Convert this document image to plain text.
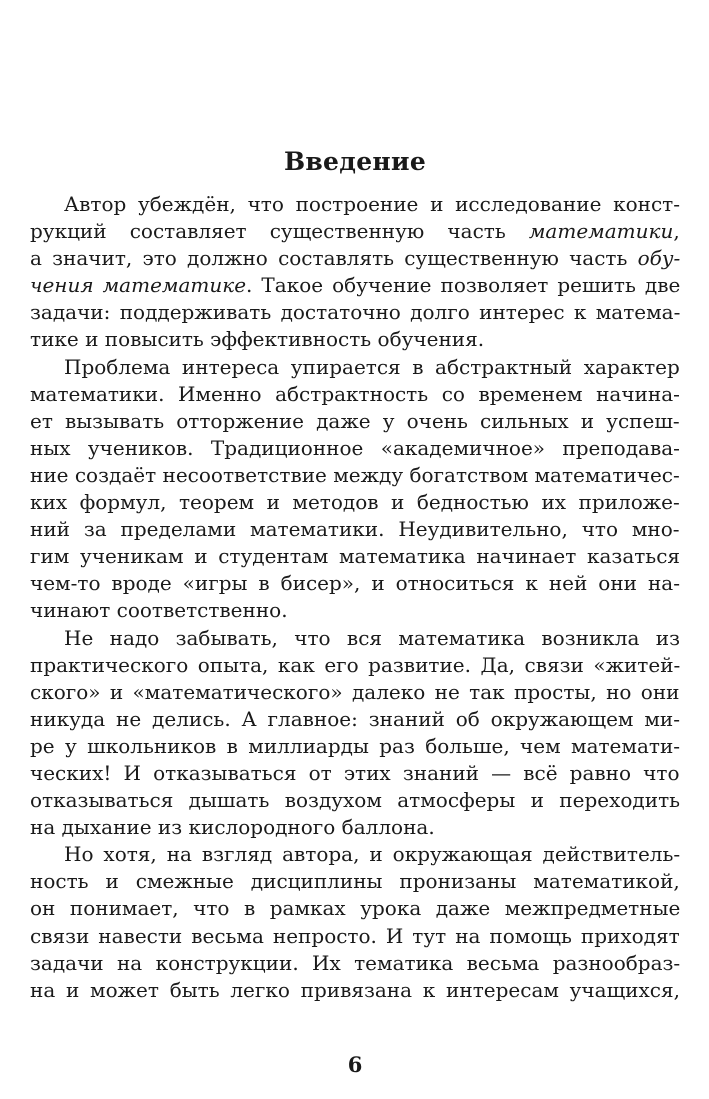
Введение
Автор убеждён, что построение и исследование конст-
рукций составляет существенную часть математики,
а значит, это должно составлять существенную часть обу-
чения математике. Такое обучение позволяет решить две
задачи: поддерживать достаточно долго интерес к матема-
тике и повысить эффективность обучения.
Проблема интереса упирается в абстрактный характер
математики. Именно абстрактность со временем начина-
ет вызывать отторжение даже у очень сильных и успеш-
ных учеников. Традиционное «академичное» преподава-
ние создаёт несоответствие между богатством математичес-
ких формул, теорем и методов и бедностью их приложе-
ний за пределами математики. Неудивительно, что мно-
гим ученикам и студентам математика начинает казаться
чем-то вроде «игры в бисер», и относиться к ней они на-
чинают соответственно.
Не надо забывать, что вся математика возникла из
практического опыта, как его развитие. Да, связи «житей-
ского» и «математического» далеко не так просты, но они
никуда не делись. А главное: знаний об окружающем ми-
ре у школьников в миллиарды раз больше, чем математи-
ческих! И отказываться от этих знаний — всё равно что
отказываться дышать воздухом атмосферы и переходить
на дыхание из кислородного баллона.
Но хотя, на взгляд автора, и окружающая действитель-
ность и смежные дисциплины пронизаны математикой,
он понимает, что в рамках урока даже межпредметные
связи навести весьма непросто. И тут на помощь приходят
задачи на конструкции. Их тематика весьма разнообраз-
на и может быть легко привязана к интересам учащихся,
6
